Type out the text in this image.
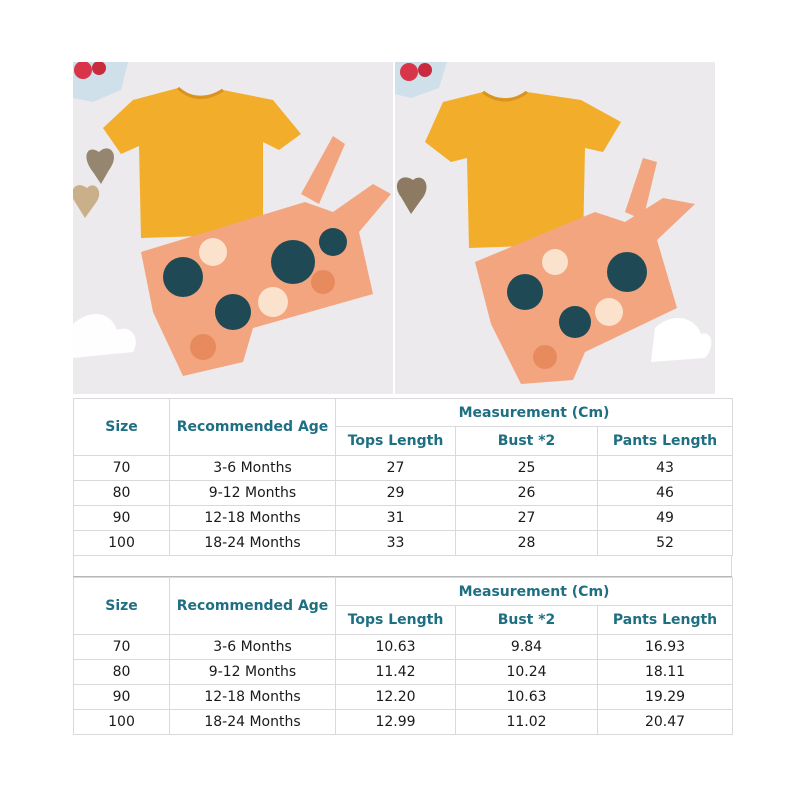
Size	Recommended Age	Measurement (Cm)		
		Tops Length	Bust *2	Pants Length
70	3-6 Months	27	25	43
80	9-12 Months	29	26	46
90	12-18 Months	31	27	49
100	18-24 Months	33	28	52
Size	Recommended Age	Measurement (Cm)		
		Tops Length	Bust *2	Pants Length
70	3-6 Months	10.63	9.84	16.93
80	9-12 Months	11.42	10.24	18.11
90	12-18 Months	12.20	10.63	19.29
100	18-24 Months	12.99	11.02	20.47
